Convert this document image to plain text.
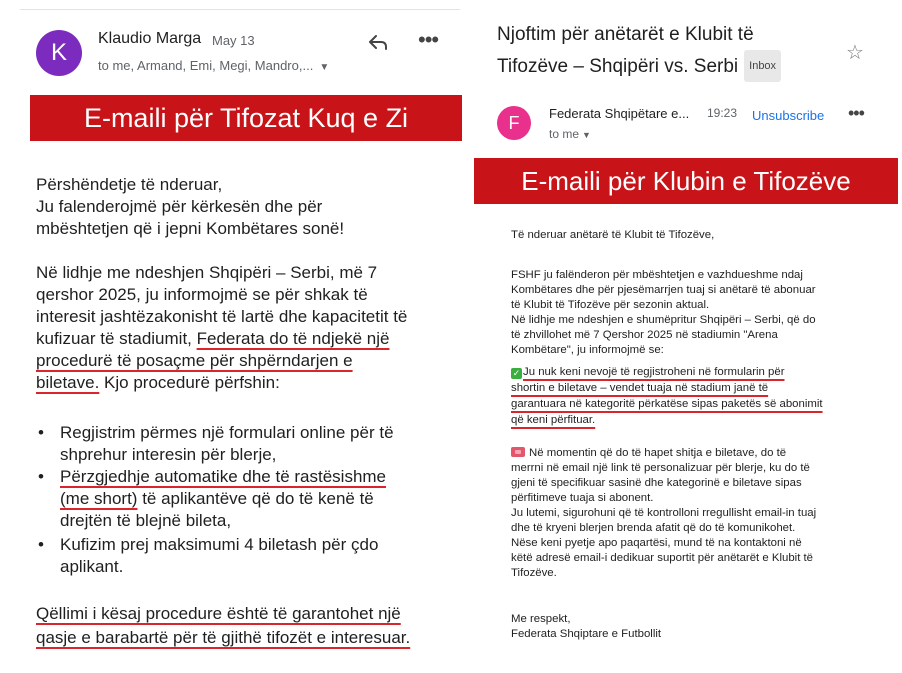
K
Klaudio Marga May 13
to me, Armand, Emi, Megi, Mandro,... ▼
•••
E-maili për Tifozat Kuq e Zi
Përshëndetje të nderuar,
Ju falenderojmë për kërkesën dhe për
mbështetjen që i jepni Kombëtares sonë!
Në lidhje me ndeshjen Shqipëri – Serbi, më 7
qershor 2025, ju informojmë se për shkak të
interesit jashtëzakonisht të lartë dhe kapacitetit të
kufizuar të stadiumit, Federata do të ndjekë një
procedurë të posaçme për shpërndarjen e
biletave. Kjo procedurë përfshin:
• Regjistrim përmes një formulari online për të
shprehur interesin për blerje,
• Përzgjedhje automatike dhe të rastësishme
(me short) të aplikantëve që do të kenë të
drejtën të blejnë bileta,
• Kufizim prej maksimumi 4 biletash për çdo
aplikant.
Qëllimi i kësaj procedure është të garantohet një
qasje e barabartë për të gjithë tifozët e interesuar.
Njoftim për anëtarët e Klubit të
Tifozëve – Shqipëri vs. Serbi Inbox
☆
F	Federata Shqipëtare e... 19:23 Unsubscribe •••
to me ▼
E-maili për Klubin e Tifozëve
Të nderuar anëtarë të Klubit të Tifozëve,
FSHF ju falënderon për mbështetjen e vazhdueshme ndaj
Kombëtares dhe për pjesëmarrjen tuaj si anëtarë të abonuar
të Klubit të Tifozëve për sezonin aktual.
Në lidhje me ndeshjen e shumëpritur Shqipëri – Serbi, që do
të zhvillohet më 7 Qershor 2025 në stadiumin "Arena
Kombëtare", ju informojmë se:
✓ Ju nuk keni nevojë të regjistroheni në formularin për
shortin e biletave – vendet tuaja në stadium janë të
garantuara në kategoritë përkatëse sipas paketës së abonimit
që keni përfituar.
Në momentin që do të hapet shitja e biletave, do të
merrni në email një link të personalizuar për blerje, ku do të
gjeni të specifikuar sasinë dhe kategorinë e biletave sipas
përfitimeve tuaja si abonent.
Ju lutemi, sigurohuni që të kontrolloni rregullisht email-in tuaj
dhe të kryeni blerjen brenda afatit që do të komunikohet.
Nëse keni pyetje apo paqartësi, mund të na kontaktoni në
këtë adresë email-i dedikuar suportit për anëtarët e Klubit të
Tifozëve.
Me respekt,
Federata Shqiptare e Futbollit
